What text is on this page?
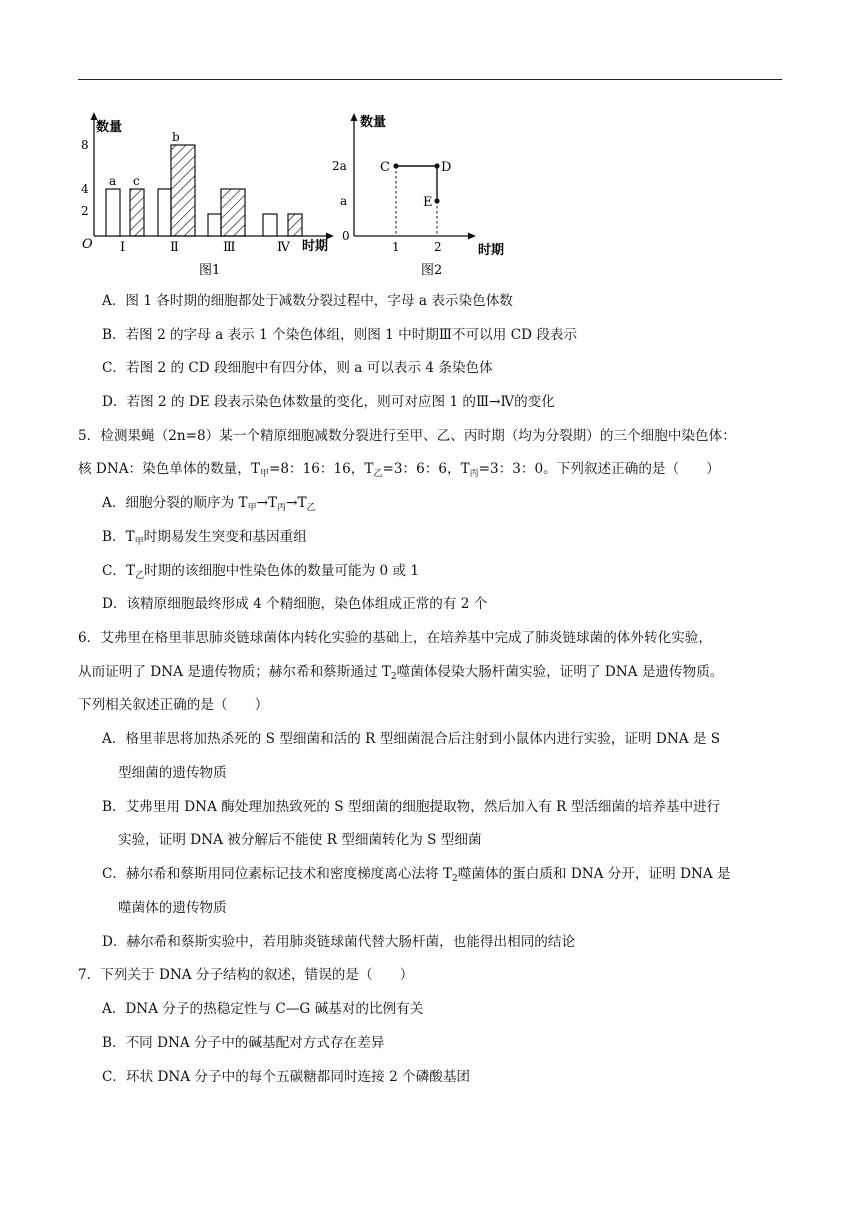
数量
时期
O
8
4
2
a c
b
Ⅰ	Ⅱ	Ⅲ	Ⅳ
图1
数量
时期
2a
a
0
1	2
C	D
E
图2
A．图 1 各时期的细胞都处于减数分裂过程中，字母 a 表示染色体数
B．若图 2 的字母 a 表示 1 个染色体组，则图 1 中时期Ⅲ不可以用 CD 段表示
C．若图 2 的 CD 段细胞中有四分体，则 a 可以表示 4 条染色体
D．若图 2 的 DE 段表示染色体数量的变化，则可对应图 1 的Ⅲ→Ⅳ的变化
5．检测果蝇（2n=8）某一个精原细胞减数分裂进行至甲、乙、丙时期（均为分裂期）的三个细胞中染色体：
核 DNA：染色单体的数量，$T_甲=8$：16：16，$T_乙=3$：6：6，$T_丙=3$：3：0。下列叙述正确的是（　　）
A．细胞分裂的顺序为 $T_甲\to T_丙\to T_乙$
B．$T_甲$时期易发生突变和基因重组
C．$T_乙$时期的该细胞中性染色体的数量可能为 0 或 1
D．该精原细胞最终形成 4 个精细胞，染色体组成正常的有 2 个
6．艾弗里在格里菲思肺炎链球菌体内转化实验的基础上，在培养基中完成了肺炎链球菌的体外转化实验，
从而证明了 DNA 是遗传物质；赫尔希和蔡斯通过 $T_2$噬菌体侵染大肠杆菌实验，证明了 DNA 是遗传物质。
下列相关叙述正确的是（　　）
A．格里菲思将加热杀死的 S 型细菌和活的 R 型细菌混合后注射到小鼠体内进行实验，证明 DNA 是 S
型细菌的遗传物质
B．艾弗里用 DNA 酶处理加热致死的 S 型细菌的细胞提取物，然后加入有 R 型活细菌的培养基中进行
实验，证明 DNA 被分解后不能使 R 型细菌转化为 S 型细菌
C．赫尔希和蔡斯用同位素标记技术和密度梯度离心法将 $T_2$噬菌体的蛋白质和 DNA 分开，证明 DNA 是
噬菌体的遗传物质
D．赫尔希和蔡斯实验中，若用肺炎链球菌代替大肠杆菌，也能得出相同的结论
7．下列关于 DNA 分子结构的叙述，错误的是（　　）
A．DNA 分子的热稳定性与 C—G 碱基对的比例有关
B．不同 DNA 分子中的碱基配对方式存在差异
C．环状 DNA 分子中的每个五碳糖都同时连接 2 个磷酸基团
